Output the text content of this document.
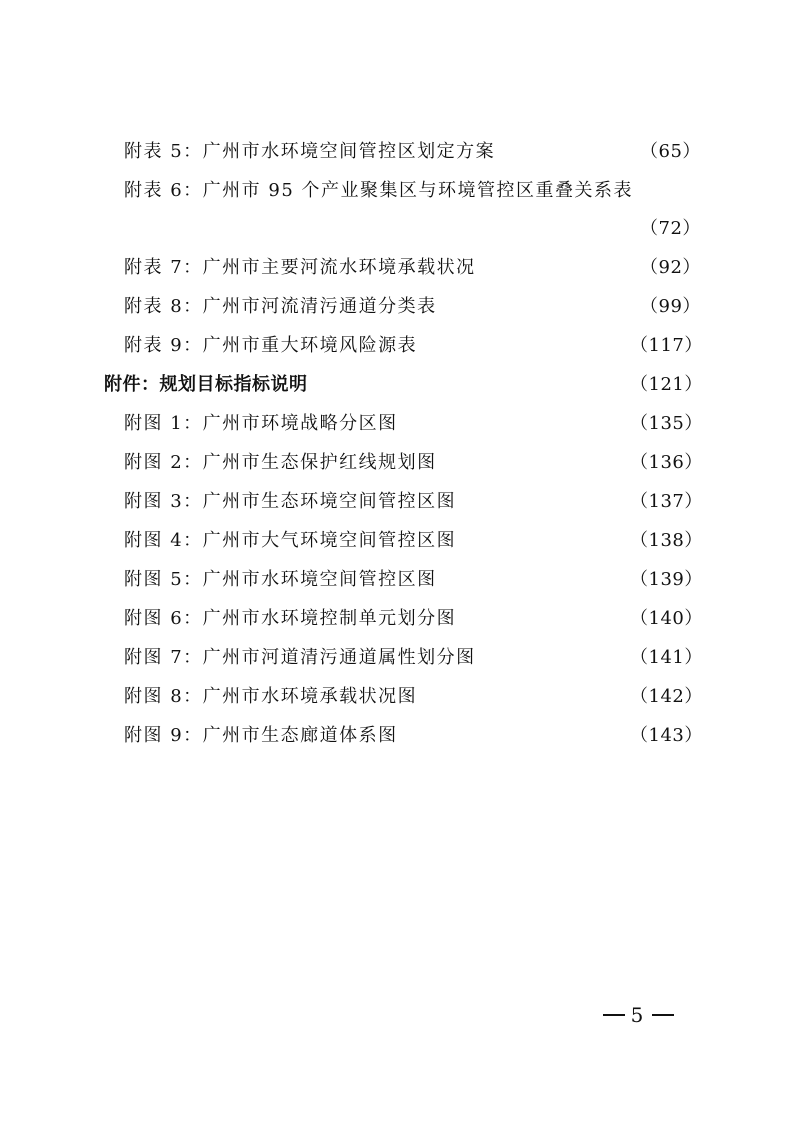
附表 5：广州市水环境空间管控区划定方案	（65）
附表 6：广州市 95 个产业聚集区与环境管控区重叠关系表
（72）
附表 7：广州市主要河流水环境承载状况	（92）
附表 8：广州市河流清污通道分类表	（99）
附表 9：广州市重大环境风险源表	（117）
附件：规划目标指标说明	（121）
附图 1：广州市环境战略分区图	（135）
附图 2：广州市生态保护红线规划图	（136）
附图 3：广州市生态环境空间管控区图	（137）
附图 4：广州市大气环境空间管控区图	（138）
附图 5：广州市水环境空间管控区图	（139）
附图 6：广州市水环境控制单元划分图	（140）
附图 7：广州市河道清污通道属性划分图	（141）
附图 8：广州市水环境承载状况图	（142）
附图 9：广州市生态廊道体系图	（143）
5
